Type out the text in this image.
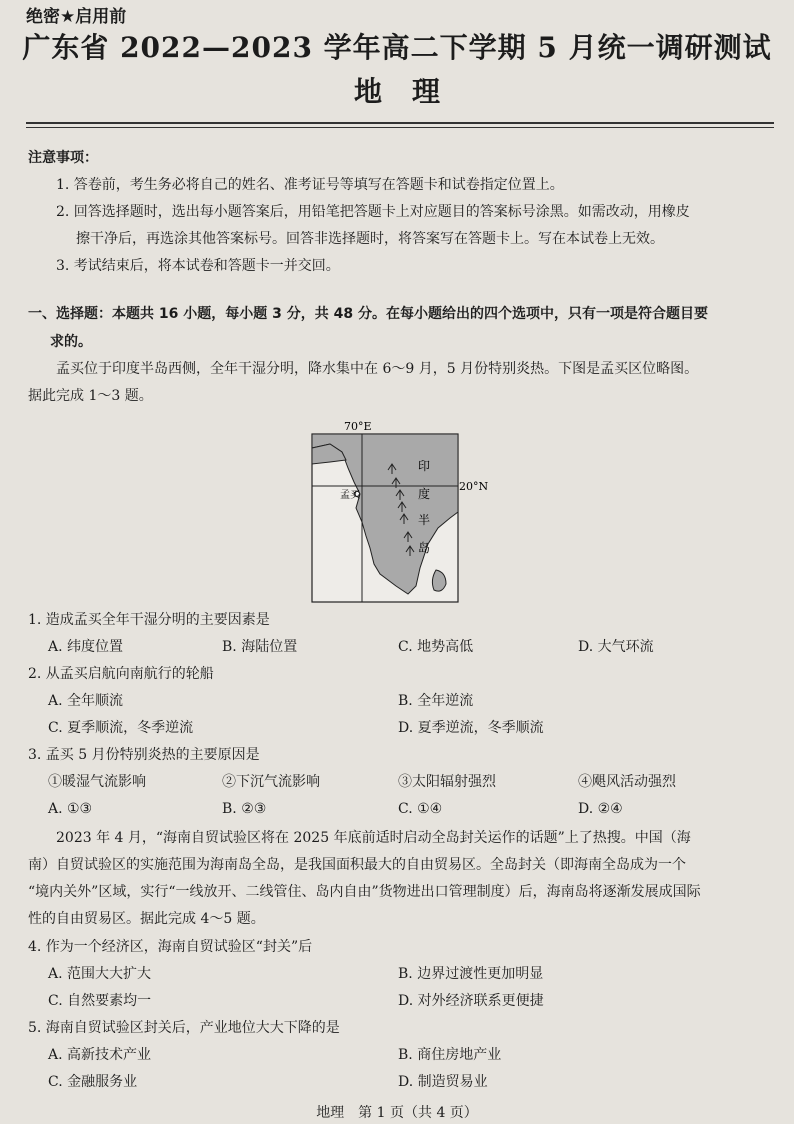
绝密★启用前
广东省 2022—2023 学年高二下学期 5 月统一调研测试
地理
注意事项：
1. 答卷前，考生务必将自己的姓名、准考证号等填写在答题卡和试卷指定位置上。
2. 回答选择题时，选出每小题答案后，用铅笔把答题卡上对应题目的答案标号涂黑。如需改动，用橡皮
擦干净后，再选涂其他答案标号。回答非选择题时，将答案写在答题卡上。写在本试卷上无效。
3. 考试结束后，将本试卷和答题卡一并交回。
一、选择题：本题共 16 小题，每小题 3 分，共 48 分。在每小题给出的四个选项中，只有一项是符合题目要
求的。
孟买位于印度半岛西侧，全年干湿分明，降水集中在 6～9 月，5 月份特别炎热。下图是孟买区位略图。
据此完成 1～3 题。
70°E
20°N
孟买
印
度
半
岛
1. 造成孟买全年干湿分明的主要因素是
A. 纬度位置	B. 海陆位置	C. 地势高低	D. 大气环流
2. 从孟买启航向南航行的轮船
A. 全年顺流	B. 全年逆流
C. 夏季顺流，冬季逆流	D. 夏季逆流，冬季顺流
3. 孟买 5 月份特别炎热的主要原因是
①暖湿气流影响	②下沉气流影响	③太阳辐射强烈	④飓风活动强烈
A. ①③	B. ②③	C. ①④	D. ②④
2023 年 4 月，“海南自贸试验区将在 2025 年底前适时启动全岛封关运作的话题”上了热搜。中国（海
南）自贸试验区的实施范围为海南岛全岛，是我国面积最大的自由贸易区。全岛封关（即海南全岛成为一个
“境内关外”区域，实行“一线放开、二线管住、岛内自由”货物进出口管理制度）后，海南岛将逐渐发展成国际
性的自由贸易区。据此完成 4～5 题。
4. 作为一个经济区，海南自贸试验区“封关”后
A. 范围大大扩大	B. 边界过渡性更加明显
C. 自然要素均一	D. 对外经济联系更便捷
5. 海南自贸试验区封关后，产业地位大大下降的是
A. 高新技术产业	B. 商住房地产业
C. 金融服务业	D. 制造贸易业
地理　第 1 页（共 4 页）
